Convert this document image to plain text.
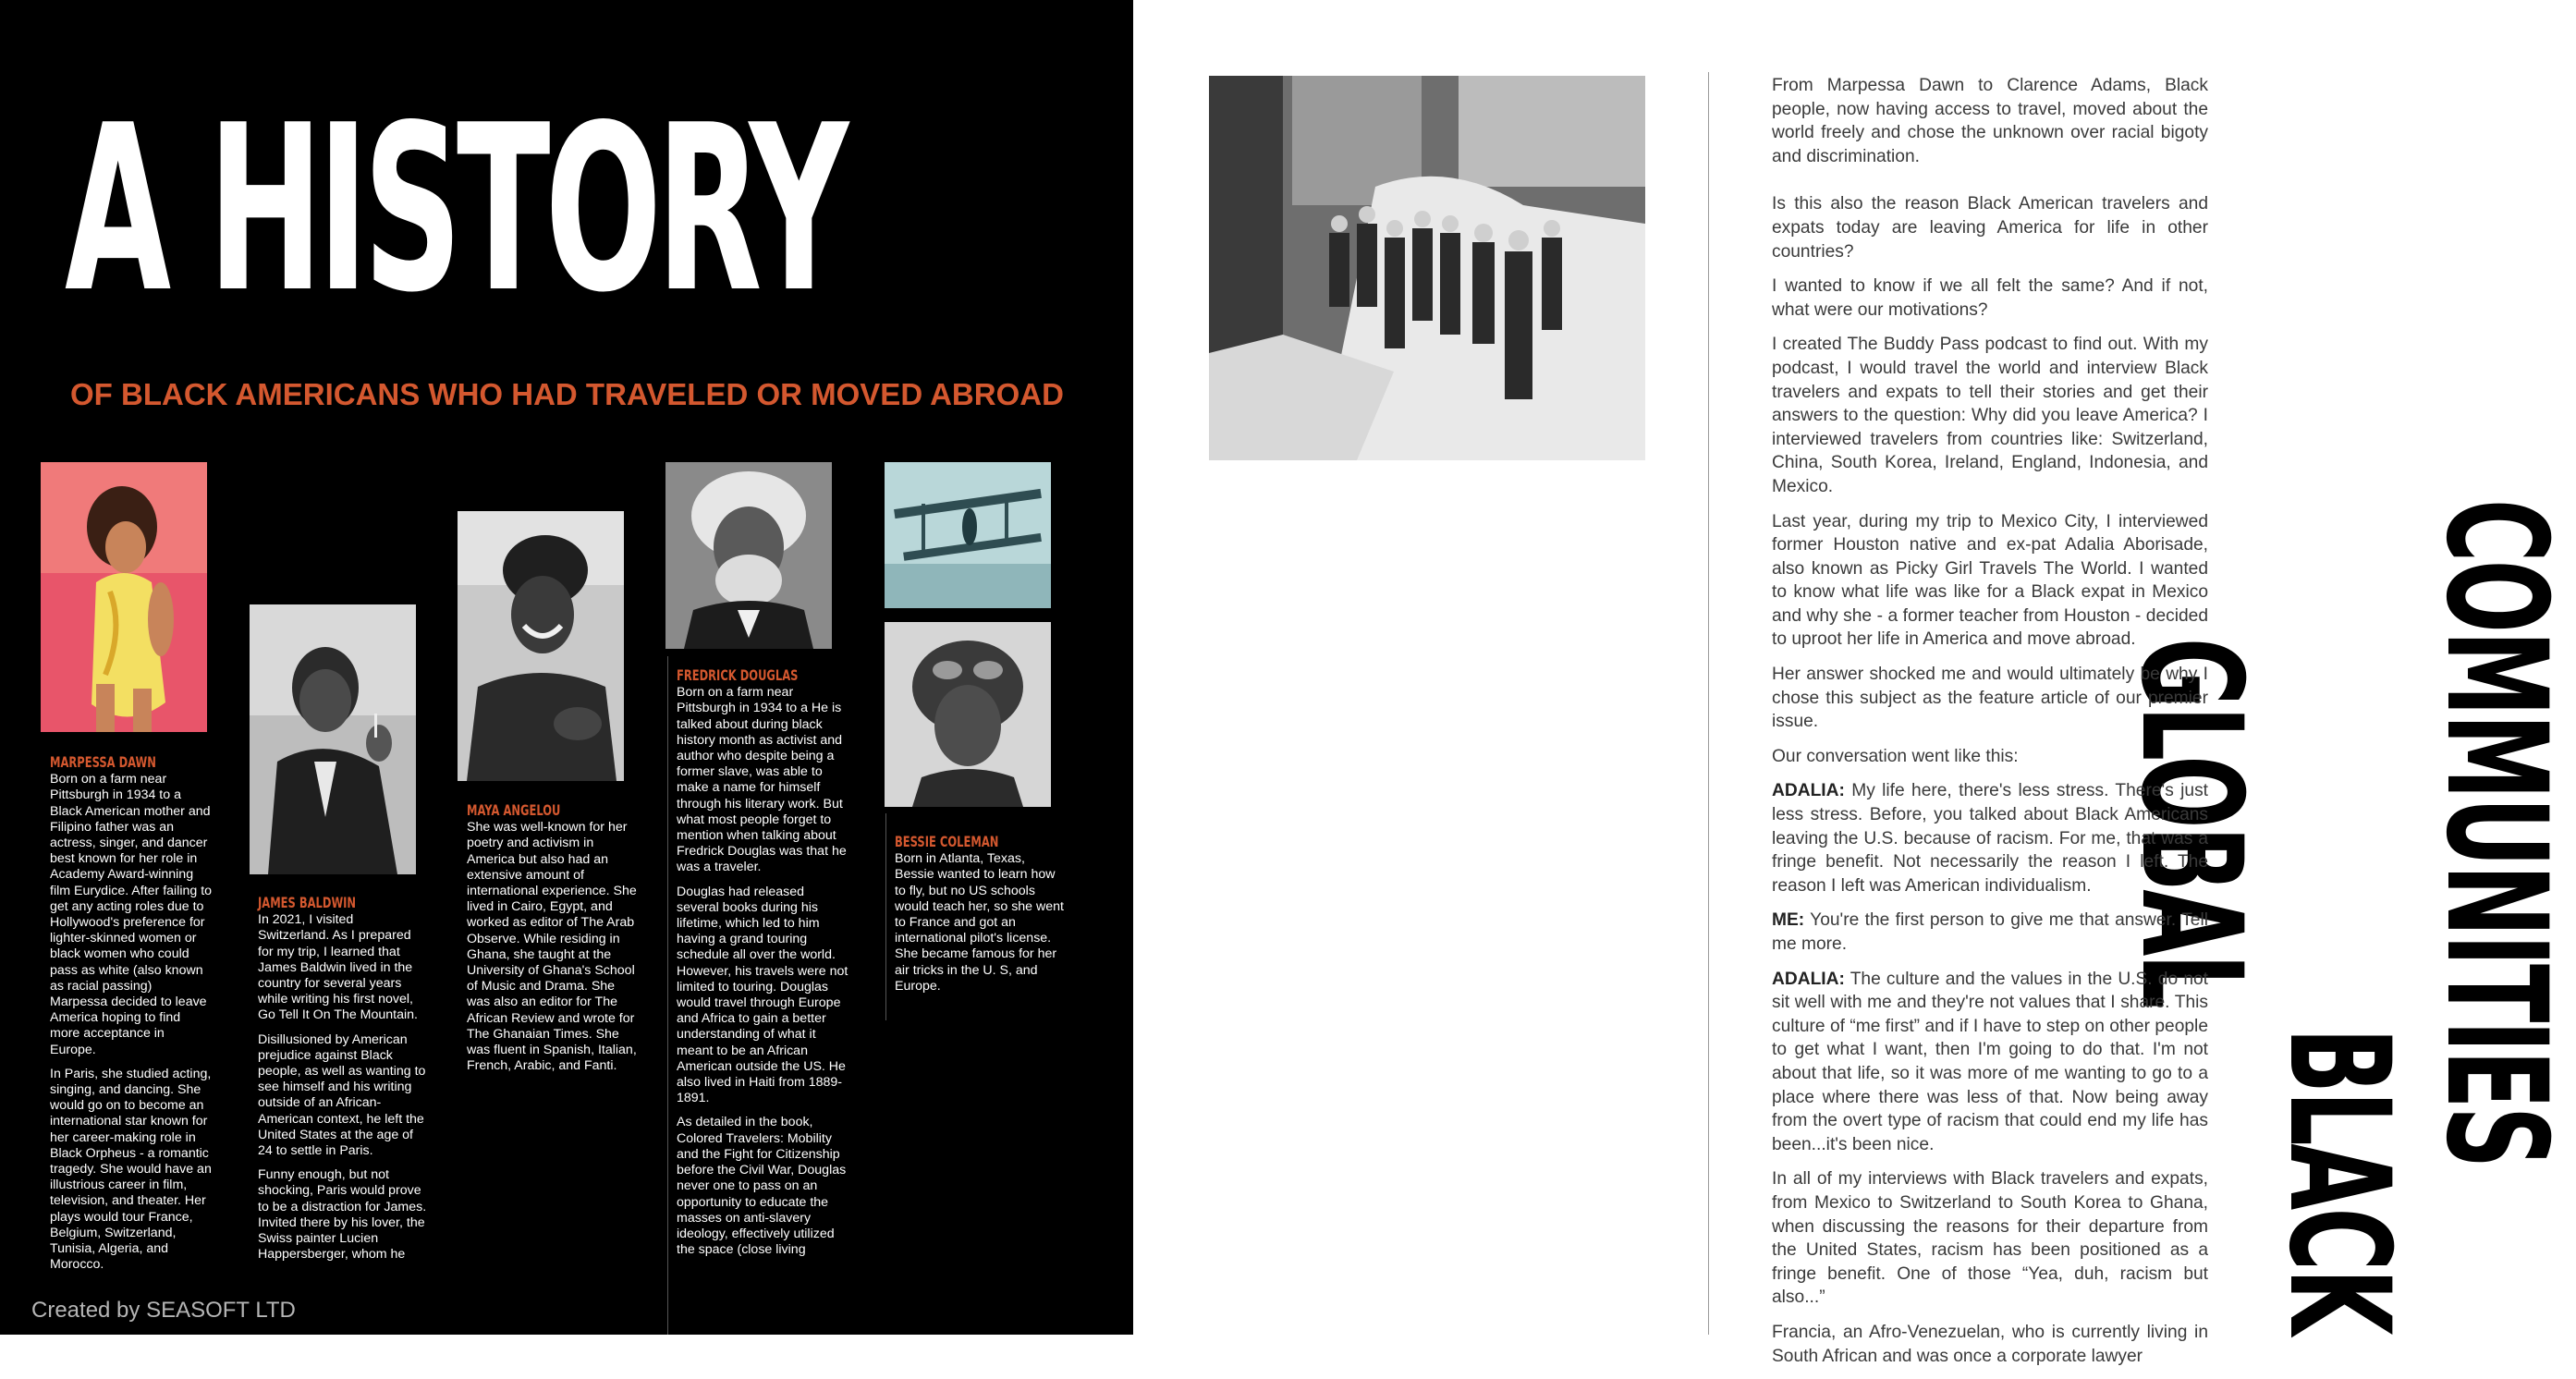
A HISTORY
OF BLACK AMERICANS WHO HAD TRAVELED OR MOVED ABROAD
MARPESSA DAWN

Born on a farm near Pittsburgh in 1934 to a Black American mother and Filipino father was an actress, singer, and dancer best known for her role in Academy Award-winning film Eurydice. After failing to get any acting roles due to Hollywood's preference for lighter-skinned women or black women who could pass as white (also known as racial passing) Marpessa decided to leave America hoping to find more acceptance in Europe.

In Paris, she studied acting, singing, and dancing. She would go on to become an international star known for her career-making role in Black Orpheus - a romantic tragedy. She would have an illustrious career in film, television, and theater. Her plays would tour France, Belgium, Switzerland, Tunisia, Algeria, and Morocco.

JAMES BALDWIN

In 2021, I visited Switzerland. As I prepared for my trip, I learned that James Baldwin lived in the country for several years while writing his first novel, Go Tell It On The Mountain.

Disillusioned by American prejudice against Black people, as well as wanting to see himself and his writing outside of an African-American context, he left the United States at the age of 24 to settle in Paris.

Funny enough, but not shocking, Paris would prove to be a distraction for James. Invited there by his lover, the Swiss painter Lucien Happersberger, whom he

MAYA ANGELOU

She was well-known for her poetry and activism in America but also had an extensive amount of international experience. She lived in Cairo, Egypt, and worked as editor of The Arab Observe. While residing in Ghana, she taught at the University of Ghana's School of Music and Drama. She was also an editor for The African Review and wrote for The Ghanaian Times. She was fluent in Spanish, Italian, French, Arabic, and Fanti.

FREDRICK DOUGLAS

Born on a farm near Pittsburgh in 1934 to a He is talked about during black history month as activist and author who despite being a former slave, was able to make a name for himself through his literary work. But what most people forget to mention when talking about Fredrick Douglas was that he was a traveler.

Douglas had released several books during his lifetime, which led to him having a grand touring schedule all over the world. However, his travels were not limited to touring. Douglas would travel through Europe and Africa to gain a better understanding of what it meant to be an African American outside the US. He also lived in Haiti from 1889-1891.

As detailed in the book, Colored Travelers: Mobility and the Fight for Citizenship before the Civil War, Douglas never one to pass on an opportunity to educate the masses on anti-slavery ideology, effectively utilized the space (close living

BESSIE COLEMAN

Born in Atlanta, Texas, Bessie wanted to learn how to fly, but no US schools would teach her, so she went to France and got an international pilot's license. She became famous for her air tricks in the U. S, and Europe.

Created by SEASOFT LTD
GLOBAL
BLACK
COMMUNITIES

From Marpessa Dawn to Clarence Adams, Black people, now having access to travel, moved about the world freely and chose the unknown over racial bigoty and discrimination.

Is this also the reason Black American travelers and expats today are leaving America for life in other countries?

I wanted to know if we all felt the same? And if not, what were our motivations?

I created The Buddy Pass podcast to find out. With my podcast, I would travel the world and interview Black travelers and expats to tell their stories and get their answers to the question: Why did you leave America? I interviewed travelers from countries like: Switzerland, China, South Korea, Ireland, England, Indonesia, and Mexico.

Last year, during my trip to Mexico City, I interviewed former Houston native and ex-pat Adalia Aborisade, also known as Picky Girl Travels The World. I wanted to know what life was like for a Black expat in Mexico and why she - a former teacher from Houston - decided to uproot her life in America and move abroad.

Her answer shocked me and would ultimately be why I chose this subject as the feature article of our premier issue.

Our conversation went like this:

ADALIA: My life here, there's less stress. There's just less stress. Before, you talked about Black Americans leaving the U.S. because of racism. For me, that was a fringe benefit. Not necessarily the reason I left. The reason I left was American individualism.

ME: You're the first person to give me that answer. Tell me more.

ADALIA: The culture and the values in the U.S. do not sit well with me and they're not values that I share. This culture of “me first” and if I have to step on other people to get what I want, then I'm going to do that. I'm not about that life, so it was more of me wanting to go to a place where there was less of that. Now being away from the overt type of racism that could end my life has been...it's been nice.

In all of my interviews with Black travelers and expats, from Mexico to Switzerland to South Korea to Ghana, when discussing the reasons for their departure from the United States, racism has been positioned as a fringe benefit. One of those “Yea, duh, racism but also...”

Francia, an Afro-Venezuelan, who is currently living in South African and was once a corporate lawyer
